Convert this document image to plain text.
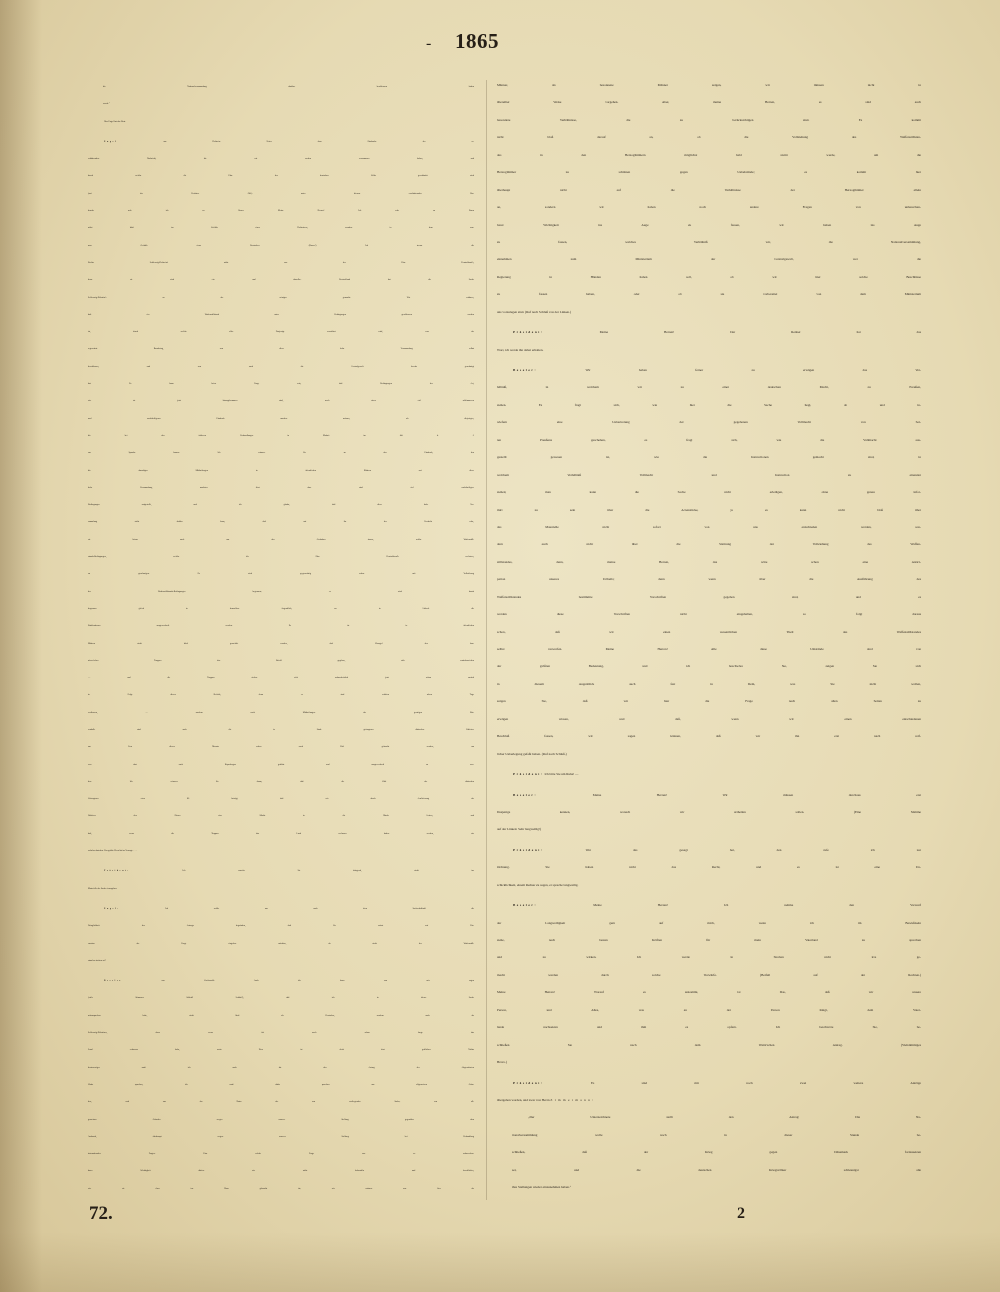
- 1865
die Nationalversammlung darüber beschlossen haben
werde.“
Herr Engel hat das Wort.
Engel aus Holstein: Unter dem Eindrucke der er-
schütternden Nachricht, die wir soeben vernommen haben, und
durch welche die Ehre des deutschen Volks geschändet wird
(auf der Rechten: Oh!): unter diesem erschütternden Ein-
drucke rede ich zu Ihnen. Meine Herren! Ich rede zu Ihnen
nicht bloß im Gefühle eines Holsteiners, sondern in dem war-
men Gefühle eines Deutschen. (Bravo!) Ich trenne die
Rechte Schleswig-Holstein's nicht von der Ehre Deutschland's,
denn sie sind ein und dasselbe. Deutschland hat die Sache
Schleswig-Holstein's zu der seinigen gemacht. Wir erfahren,
daß ein Waffenstillstand unter Bedingungen geschlossen worden
ist, durch welche alles Dasjenige vernichtet wird, was der
regenerirte Bundestag, was diese hohe Versammlung selbst
beschlossen, und was auch die Centralgewalt bereits genehmigt
hat. Es kann keine Frage sein, daß Bedingungen der Art,
wie sie jetzt hinzugekommen sind, noch einen viel schlimmeren
und nachtheiligeren Eindruck machen müssen, als diejenigen,
die bei den früheren Verhandlungen in Malmö im Juli d. J.
zur Sprache kamen. Ich erinnere Sie an den Eindruck, den
die damaligen Mittheilungen in öffentlichen Blättern auf diese
hohe Versammlung machten. Jetzt aber sind viel nachtheiligere
Bedingungen aufgestellt, und ich glaube, daß diese hohe Ver-
sammlung nicht dulden kann, daß auf ihr der Verdacht ruhe,
sie könne auch nur den Gedanken fassen, solche Waffenstill-
stands-Bedingungen, welche die Ehre Deutschland's verletzen,
zu genehmigen. Es wird gegenwärtig schon mit Vollziehung
der Waffenstillstands-Bedingungen begonnen; es wird damit
begonnen gleich in demselben Augenblick, wo in Lübeck die
Ratificationen ausgewechselt werden. Es ist in öffentlichen
Blättern nicht bloß gemeldet worden, daß Wrangel den han-
növer'schen Truppen den Befehl gegeben, sich zurückzuziehen
— und die Truppen ziehen sich wahrscheinlich jetzt schon zurück
in Folge dieses Befehls, denn es sind seitdem schon Tage
verflossen, — sondern nach Mittheilungen der gestrigen Bör-
senhalle sind auch die in Stade gefangenen dänischen Officiere
am 2ten dieses Monats schon nach Kiel gebracht worden, um
von dort nach Kopenhagen geführt und ausgewechselt zu wer-
den. Ich erinnere Sie daran, daß die Zahl der dänischen
Gefangenen etwa 80 beträgt, daß wir durch Auslieferung der
Officiere den Dänen eine Macht in die Hände liefern, und
daß, wenn die Truppen das Land verlassen haben werden, wir
wehrlos dastehen. Das größte Elend ist im Verzuge. . . .
Präsident: Ich ersuche Sie dringend, nicht ins
Materielle der Sache einzugehen.
Engel: Ich wollte nur nach dem Sachverhältniß die
Dringlichkeit des Antrags begründen, daß Sie sofort auf Dis-
cussion der Frage eingehen möchten, ob nicht der Waffenstill-
stand zu sistiren sei?
Beseler von Greifswald: Auch ich kann von mir sagen
(viele Stimmen: Schluß! Schluß!), daß ich in dieser Sache
mitzusprechen habe, nicht bloß als Deutscher, sondern auch als
Schleswig-Holsteiner, denn wenn ich auch schon lange das
Land verlassen habe, mein Herz ist doch dort geblieben. Nichts
destoweniger muß ich auch für den Antrag des Abgeordneten
Waitz sprechen, ich muß dafür sprechen aus allgemeinen Grün-
den, und aus der Natur der uns vorliegenden Sache; aus all-
gemeinen Gründen wegen unserer Stellung gegenüber dem
Auslande, überhaupt wegen unserer Stellung bei Behandlung
internationaler Fragen. Eine solche Frage von so unberechen-
barer Wichtigkeit dürfen wir nicht behandeln und beschließen,
wie sie eben ins Haus gebracht ist; wir müssen uns hier als
Männer, als besonnene Männer zeigen, wir müssen nicht in
übereilter Weise vorgehen. Aber, meine Herren, es sind auch
besondere Verhältnisse, die zu berücksichtigen sind. Es kommt
nicht bloß darauf an, ob die Vollziehung des Waffenstillstan-
des in den Herzogthümern möglichst bald sistirt werde, um die
Herzogthümer zu schützen gegen Uebelstände; es kommt hier
überhaupt nicht auf die Verhältnisse der Herzogthümer allein
an, sondern wir haben noch andere Fragen von unberechen-
barer Wichtigkeit ins Auge zu fassen, wir haben ins Auge
zu fassen, welches Verhältniß wir, die Nationalversammlung,
einnehmen zum Ministerium der Centralgewalt, wer die
Regierung in Händen haben soll, ob wir hier solche Beschlüsse
zu fassen haben, oder ob sie vorbereitet von dem Ministerium
uns vorzulegen sind. (Ruf nach Schluß von der Linken.)
Präsident: Meine Herren! Der Redner hat das
Wort, ich werde ihn dabei erhalten.
Beseler: Wir haben ferner zu erwägen das Ver-
hältniß, in welchem wir zu einer deutschen Macht, zu Preußen,
stehen. Es fragt sich, wie hier die Sache liegt, ob und in-
wiefern eine Uebertretung der gegebenen Vollmacht von Sei-
ten Preußens geschehen, es fragt sich, wie die Vollmacht aus-
gestellt gewesen ist, wie die Instructionen gemacht sind, in
welchem Verhältniß Vollmacht und Instruction zu einander
stehen; man kann die Sache nicht erledigen, ohne genau infor-
mirt zu sein über die Actenstücke, ja es kann nicht bloß über
das Materielle nicht sofort von uns entschieden werden, son-
dern auch nicht über die Sistirung der Vollziehung des Waffen-
stillstandes, denn, meine Herren, das wäre schon eine Antici-
pation unseres Urtheils; denn wenn über die Ausführung des
Waffenstillstandes bestimmte Vorschriften gegeben sind, und es
werden diese Vorschriften nicht eingehalten, so folgt daraus
schon, daß wir einen wesentlichen Theil des Waffenstillstandes
selbst verwerfen. Meine Herren! Alle diese Umstände sind von
der größten Bedeutung, und ich beschwöre Sie, zeigen Sie sich
in diesem Augenblick auch fest in Dem, was Sie nicht wollen,
zeigen Sie, daß wir hier die Frage nach allen Seiten zu
erwägen wissen, und daß, wenn wir einen entschiedenen
Beschluß fassen, wir sagen können, daß wir ihn erst nach reif-
licher Ueberlegung gefaßt haben. (Ruf nach Schluß.)
Präsident: Ich bitte Sie um Ruhe! —
Beseler: Meine Herren! Wir müssen durchaus erst
Dasjenige kennen, wonach wir urtheilen sollen. (Eine Stimme
auf der Linken: Sehr langweilig!)
Präsident: Wer das gesagt hat, den rufe ich zur
Ordnung. Sie haben nicht das Recht, und es ist eine Un-
schicklichkeit, einem Redner zu sagen, er spreche langweilig.
Beseler: Meine Herren! Ich nehme den Vorwurf
der Langweiligkeit gern auf mich, wenn ich im Bewußtsein
stehe, nach besten Kräften für mein Vaterland zu sprechen
und zu wirken. Ich werde in Streben nicht irre ge-
macht werden durch solche Vorwürfe. (Beifall auf der Rechten.)
Meine Herren! Worauf es ankommt, ist Das, daß wir unsere
Person, und Alles, was an der Person hängt, dem Vater-
lande nachsetzen und ihm es opfern. Ich beschwöre Sie, be-
schließen Sie nach dem Waitz'schen Antrag. (Vielstimmiges
Bravo.)
Präsident: Es sind mir noch zwei weitere Anträge
übergeben worden, und zwar von Herrn Zimmermann:
„Der Unterzeichnete stellt den Antrag: Die Na-
tionalversammlung wolle noch in dieser Stunde be-
schließen, daß der Krieg gegen Dänemark fortzusetzen
sei, und die deutschen Kriegsvölker schleunigst alle
ihre Stellungen wieder einzunehmen haben.“
72.	2
